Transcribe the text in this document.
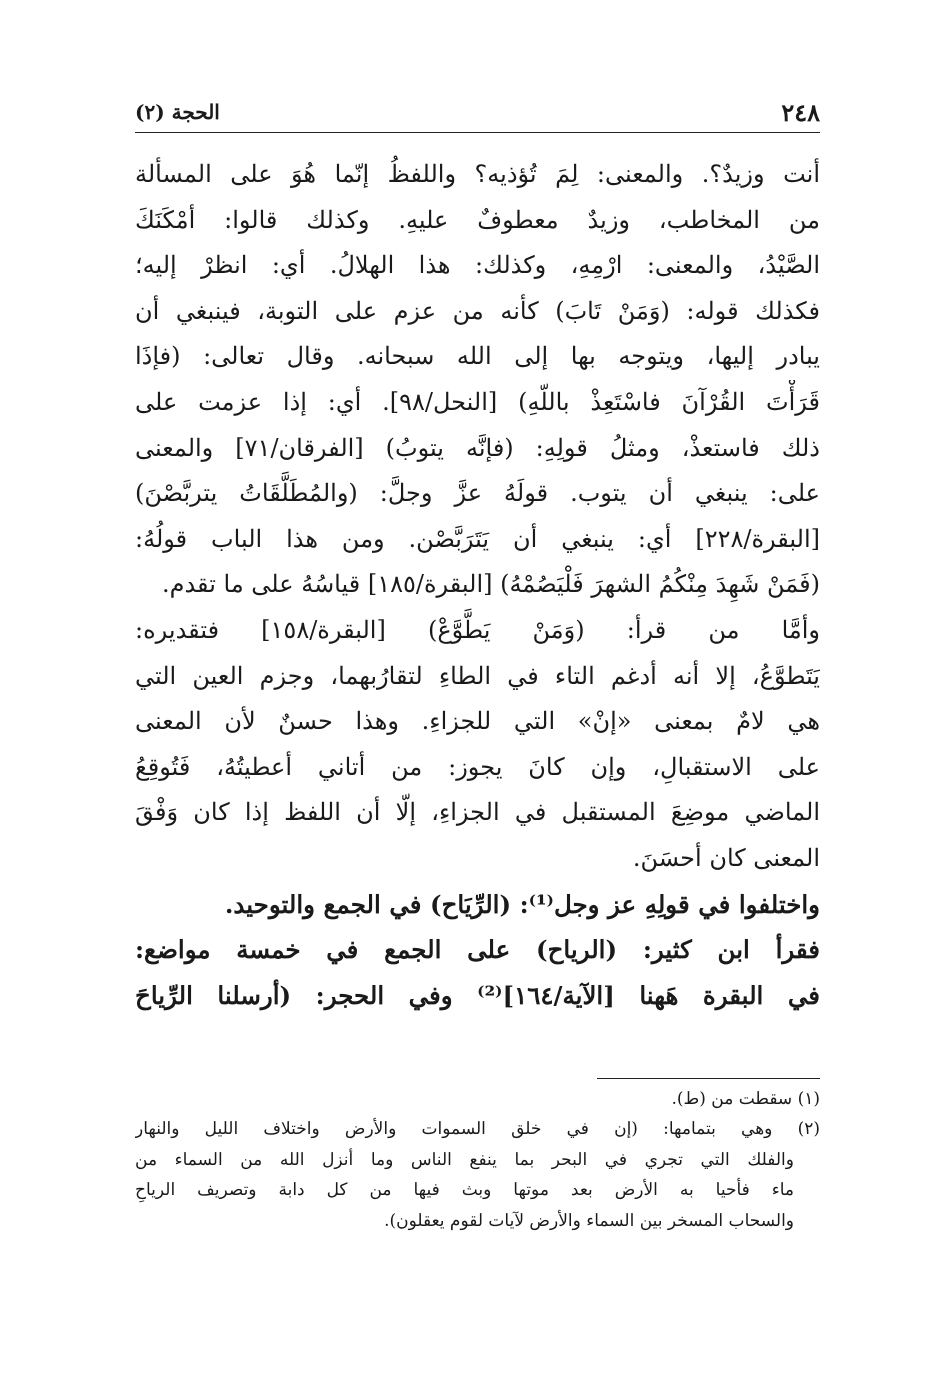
٢٤٨
الحجة (٢)
أنت وزيدٌ؟. والمعنى: لِمَ تُؤذيه؟ واللفظُ إنّما هُوَ على المسألة
من المخاطب، وزيدٌ معطوفٌ عليهِ. وكذلك قالوا: أمْكَنَكَ
الصَّيْدُ، والمعنى: ارْمِهِ، وكذلك: هذا الهلالُ. أي: انظرْ إليه؛
فكذلك قوله: (وَمَنْ تَابَ) كأنه من عزم على التوبة، فينبغي أن
يبادر إليها، ويتوجه بها إلى الله سبحانه. وقال تعالى: (فإذَا
قَرَأْتَ القُرْآنَ فاسْتَعِذْ باللّهِ) [النحل/٩٨]. أي: إذا عزمت على
ذلك فاستعذْ، ومثلُ قولِهِ: (فإنَّه يتوبُ) [الفرقان/٧١] والمعنى
على: ينبغي أن يتوب. قولَهُ عزَّ وجلَّ: (والمُطَلَّقَاتُ يتربَّصْنَ)
[البقرة/٢٢٨] أي: ينبغي أن يَتَرَبَّصْن. ومن هذا الباب قولُهُ:
(فَمَنْ شَهِدَ مِنْكُمُ الشهرَ فَلْيَصُمْهُ) [البقرة/١٨٥] قياسُهُ على ما تقدم.
وأمَّا من قرأ: (وَمَنْ يَطَّوَّعْ) [البقرة/١٥٨] فتقديره:
يَتَطوَّعُ، إلا أنه أدغم التاء في الطاءِ لتقارُبهما، وجزم العين التي
هي لامٌ بمعنى «إنْ» التي للجزاءِ. وهذا حسنٌ لأن المعنى
على الاستقبالِ، وإن كانَ يجوز: من أتاني أعطيتُهُ، فَتُوقِعُ
الماضي موضِعَ المستقبل في الجزاءِ، إلّا أن اللفظ إذا كان وَفْقَ
المعنى كان أحسَنَ.
واختلفوا في قولِهِ عز وجل⁽¹⁾: (الرِّيَاح) في الجمع والتوحيد.
فقرأ ابن كثير: (الرياح) على الجمع في خمسة مواضع:
في البقرة هَهنا [الآية/١٦٤]⁽²⁾ وفي الحجر: (أرسلنا الرِّياحَ
(١) سقطت من (ط).
(٢) وهي بتمامها: (إن في خلق السموات والأرض واختلاف الليل والنهار
والفلك التي تجري في البحر بما ينفع الناس وما أنزل الله من السماء من
ماء فأحيا به الأرض بعد موتها وبث فيها من كل دابة وتصريف الرياحِ
والسحاب المسخر بين السماء والأرض لآيات لقوم يعقلون).
